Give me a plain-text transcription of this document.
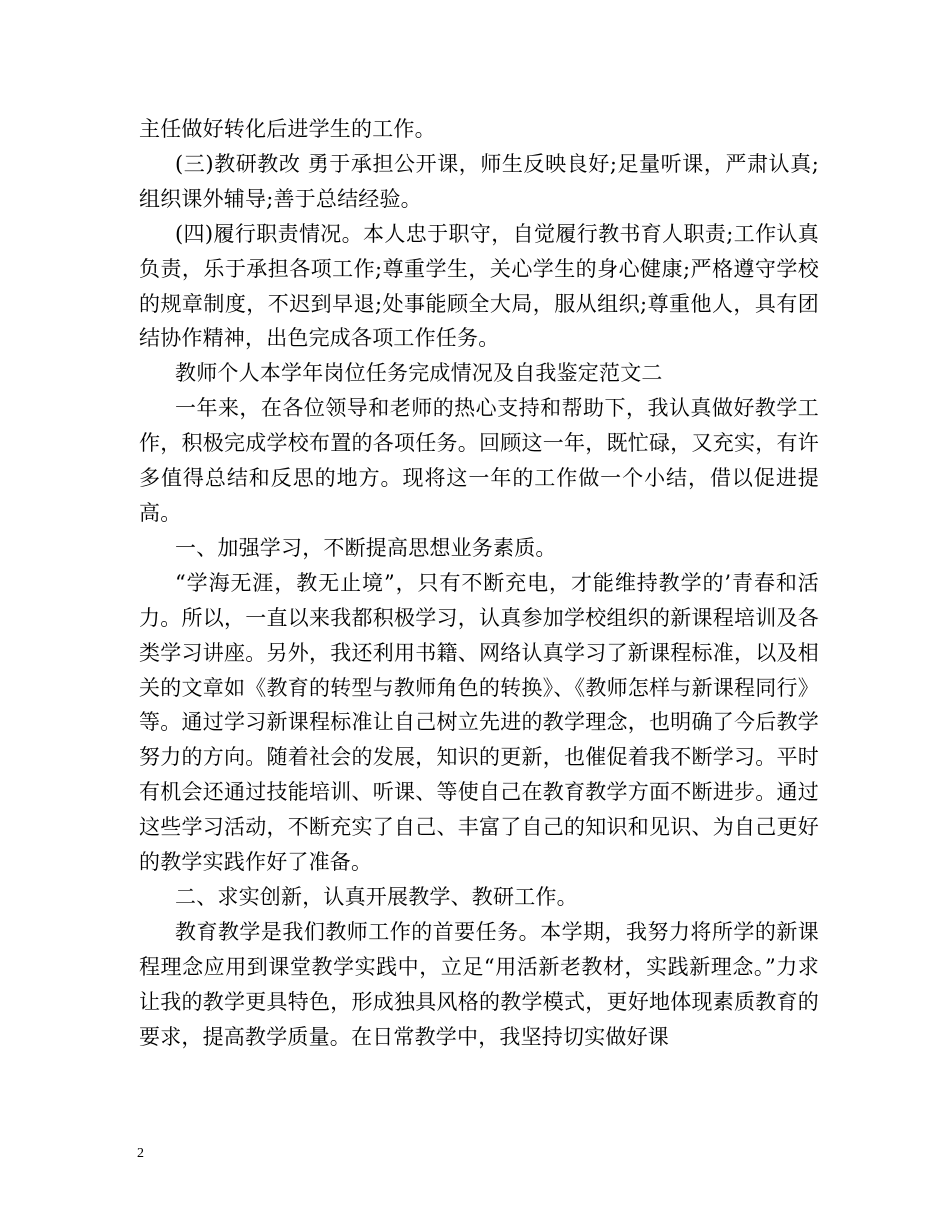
主任做好转化后进学生的工作。

(三)教研教改 勇于承担公开课，师生反映良好;足量听课，严肃认真;组织课外辅导;善于总结经验。

(四)履行职责情况。本人忠于职守，自觉履行教书育人职责;工作认真负责，乐于承担各项工作;尊重学生，关心学生的身心健康;严格遵守学校的规章制度，不迟到早退;处事能顾全大局，服从组织;尊重他人，具有团结协作精神，出色完成各项工作任务。

教师个人本学年岗位任务完成情况及自我鉴定范文二

一年来，在各位领导和老师的热心支持和帮助下，我认真做好教学工作，积极完成学校布置的各项任务。回顾这一年，既忙碌，又充实，有许多值得总结和反思的地方。现将这一年的工作做一个小结，借以促进提高。

一、加强学习，不断提高思想业务素质。

“学海无涯，教无止境”，只有不断充电，才能维持教学的’青春和活力。所以，一直以来我都积极学习，认真参加学校组织的新课程培训及各类学习讲座。另外，我还利用书籍、网络认真学习了新课程标准，以及相关的文章如《教育的转型与教师角色的转换》、《教师怎样与新课程同行》等。通过学习新课程标准让自己树立先进的教学理念，也明确了今后教学努力的方向。随着社会的发展，知识的更新，也催促着我不断学习。平时有机会还通过技能培训、听课、等使自己在教育教学方面不断进步。通过这些学习活动，不断充实了自己、丰富了自己的知识和见识、为自己更好的教学实践作好了准备。

二、求实创新，认真开展教学、教研工作。

教育教学是我们教师工作的首要任务。本学期，我努力将所学的新课程理念应用到课堂教学实践中，立足“用活新老教材，实践新理念。”力求让我的教学更具特色，形成独具风格的教学模式，更好地体现素质教育的要求，提高教学质量。在日常教学中，我坚持切实做好课

2
